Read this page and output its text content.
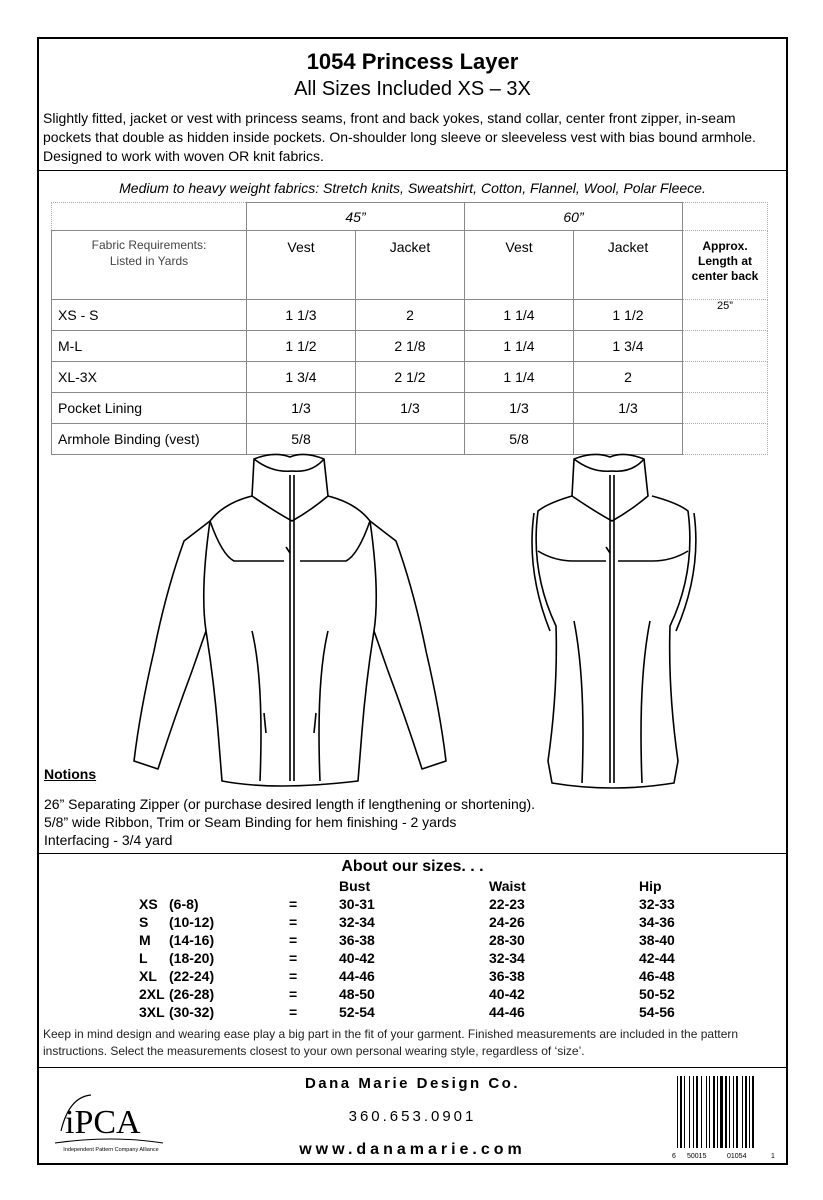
1054 Princess Layer
All Sizes Included XS – 3X
Slightly fitted, jacket or vest with princess seams, front and back yokes, stand collar, center front zipper, in-seam pockets that double as hidden inside pockets. On-shoulder long sleeve or sleeveless vest with bias bound armhole. Designed to work with woven OR knit fabrics.
Medium to heavy weight fabrics: Stretch knits, Sweatshirt, Cotton, Flannel, Wool, Polar Fleece.
	45”		60”		
Fabric Requirements:
Listed in Yards	Vest	Jacket	Vest	Jacket	Approx. Length at center back
XS - S	1 1/3	2	1 1/4	1 1/2	25”
M-L	1 1/2	2 1/8	1 1/4	1 3/4	
XL-3X	1 3/4	2 1/2	1 1/4	2	
Pocket Lining	1/3	1/3	1/3	1/3	
Armhole Binding (vest)	5/8		5/8		
Notions
26” Separating Zipper (or purchase desired length if lengthening or shortening).
5/8” wide Ribbon, Trim or Seam Binding for hem finishing - 2 yards
Interfacing - 3/4 yard
About our sizes. . .
			Bust	Waist	Hip
XS	(6-8)	=	30-31	22-23	32-33
S	(10-12)	=	32-34	24-26	34-36
M	(14-16)	=	36-38	28-30	38-40
L	(18-20)	=	40-42	32-34	42-44
XL	(22-24)	=	44-46	36-38	46-48
2XL	(26-28)	=	48-50	40-42	50-52
3XL	(30-32)	=	52-54	44-46	54-56
Keep in mind design and wearing ease play a big part in the fit of your garment. Finished measurements are included in the pattern instructions. Select the measurements closest to your own personal wearing style, regardless of ‘size’.
iPCA
Independent Pattern Company Alliance
Dana Marie Design Co.
360.653.0901
www.danamarie.com	6 50015	01054	1
